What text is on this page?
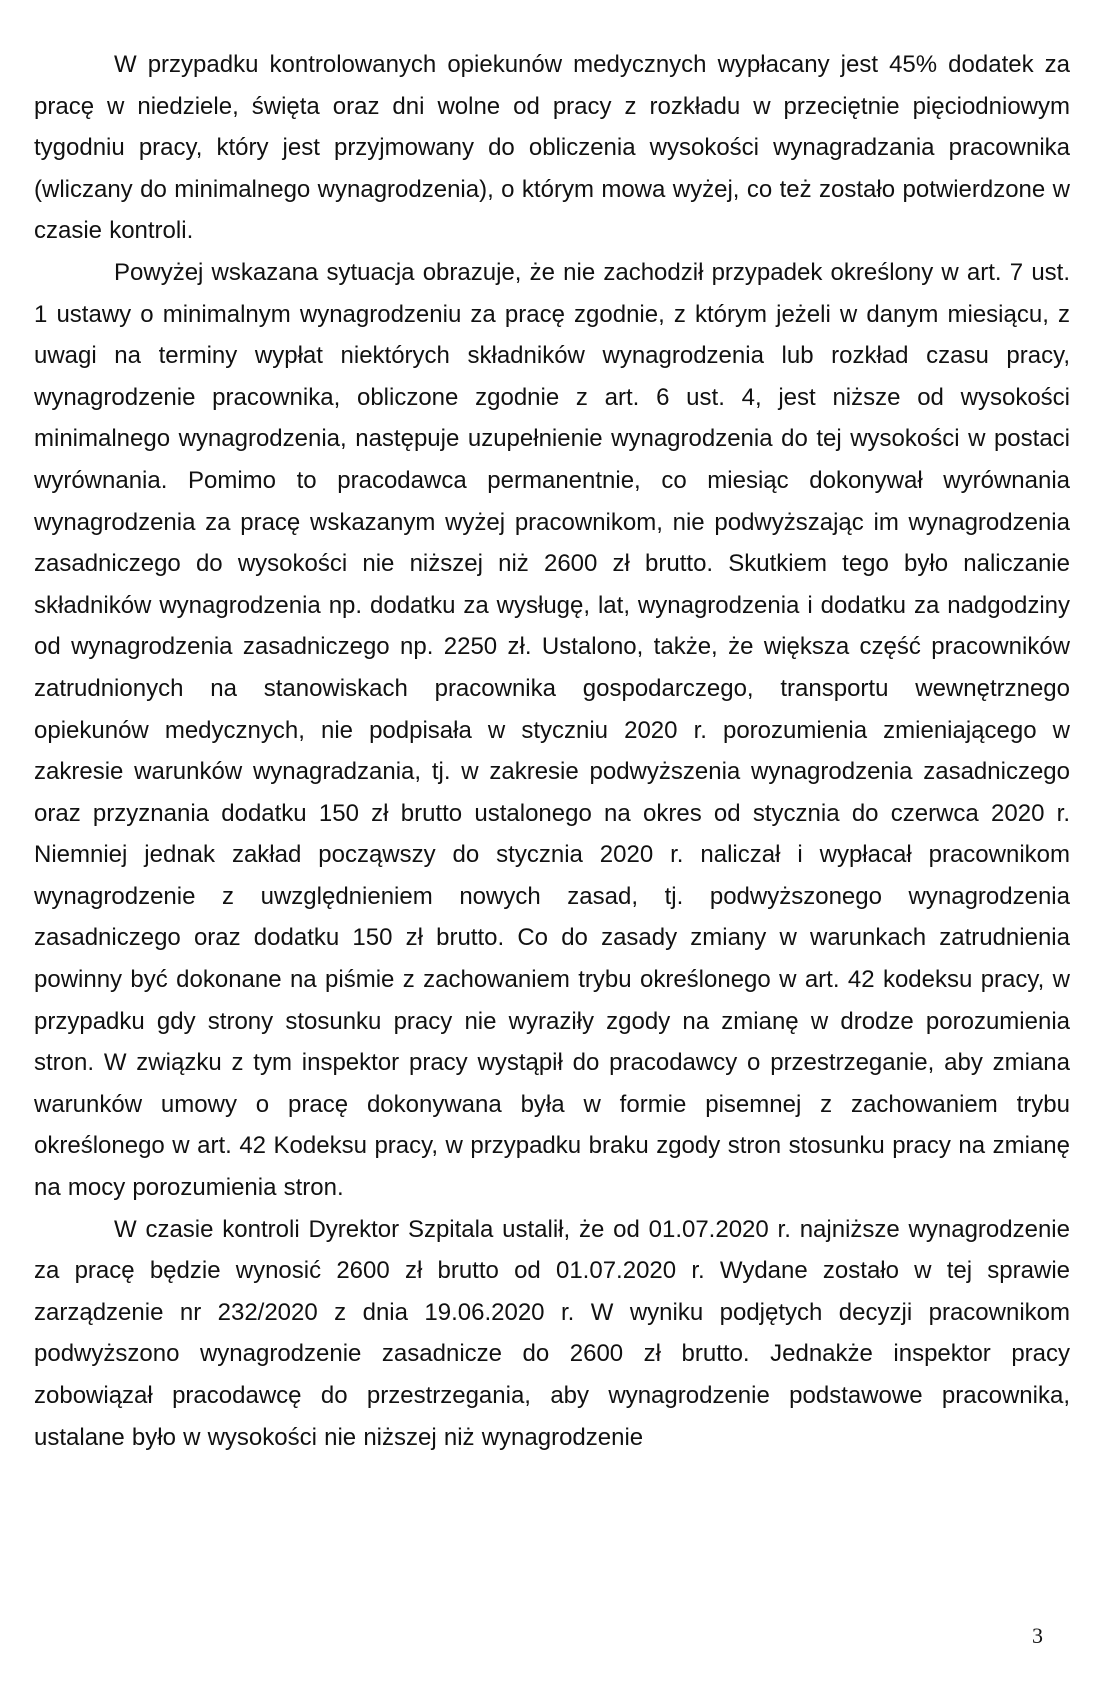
W przypadku kontrolowanych opiekunów medycznych wypłacany jest 45% dodatek za pracę w niedziele, święta oraz dni wolne od pracy z rozkładu w przeciętnie pięciodniowym tygodniu pracy, który jest przyjmowany do obliczenia wysokości wynagradzania pracownika (wliczany do minimalnego wynagrodzenia), o którym mowa wyżej, co też zostało potwierdzone w czasie kontroli.

Powyżej wskazana sytuacja obrazuje, że nie zachodził przypadek określony w art. 7 ust. 1 ustawy o minimalnym wynagrodzeniu za pracę zgodnie, z którym jeżeli w danym miesiącu, z uwagi na terminy wypłat niektórych składników wynagrodzenia lub rozkład czasu pracy, wynagrodzenie pracownika, obliczone zgodnie z art. 6 ust. 4, jest niższe od wysokości minimalnego wynagrodzenia, następuje uzupełnienie wynagrodzenia do tej wysokości w postaci wyrównania. Pomimo to pracodawca permanentnie, co miesiąc dokonywał wyrównania wynagrodzenia za pracę wskazanym wyżej pracownikom, nie podwyższając im wynagrodzenia zasadniczego do wysokości nie niższej niż 2600 zł brutto. Skutkiem tego było naliczanie składników wynagrodzenia np. dodatku za wysługę, lat, wynagrodzenia i dodatku za nadgodziny od wynagrodzenia zasadniczego np. 2250 zł. Ustalono, także, że większa część pracowników zatrudnionych na stanowiskach pracownika gospodarczego, transportu wewnętrznego opiekunów medycznych, nie podpisała w styczniu 2020 r. porozumienia zmieniającego w zakresie warunków wynagradzania, tj. w zakresie podwyższenia wynagrodzenia zasadniczego oraz przyznania dodatku 150 zł brutto ustalonego na okres od stycznia do czerwca 2020 r. Niemniej jednak zakład począwszy do stycznia 2020 r. naliczał i wypłacał pracownikom wynagrodzenie z uwzględnieniem nowych zasad, tj. podwyższonego wynagrodzenia zasadniczego oraz dodatku 150 zł brutto. Co do zasady zmiany w warunkach zatrudnienia powinny być dokonane na piśmie z zachowaniem trybu określonego w art. 42 kodeksu pracy, w przypadku gdy strony stosunku pracy nie wyraziły zgody na zmianę w drodze porozumienia stron. W związku z tym inspektor pracy wystąpił do pracodawcy o przestrzeganie, aby zmiana warunków umowy o pracę dokonywana była w formie pisemnej z zachowaniem trybu określonego w art. 42 Kodeksu pracy, w przypadku braku zgody stron stosunku pracy na zmianę na mocy porozumienia stron.

W czasie kontroli Dyrektor Szpitala ustalił, że od 01.07.2020 r. najniższe wynagrodzenie za pracę będzie wynosić 2600 zł brutto od 01.07.2020 r. Wydane zostało w tej sprawie zarządzenie nr 232/2020 z dnia 19.06.2020 r. W wyniku podjętych decyzji pracownikom podwyższono wynagrodzenie zasadnicze do 2600 zł brutto. Jednakże inspektor pracy zobowiązał pracodawcę do przestrzegania, aby wynagrodzenie podstawowe pracownika, ustalane było w wysokości nie niższej niż wynagrodzenie

3
